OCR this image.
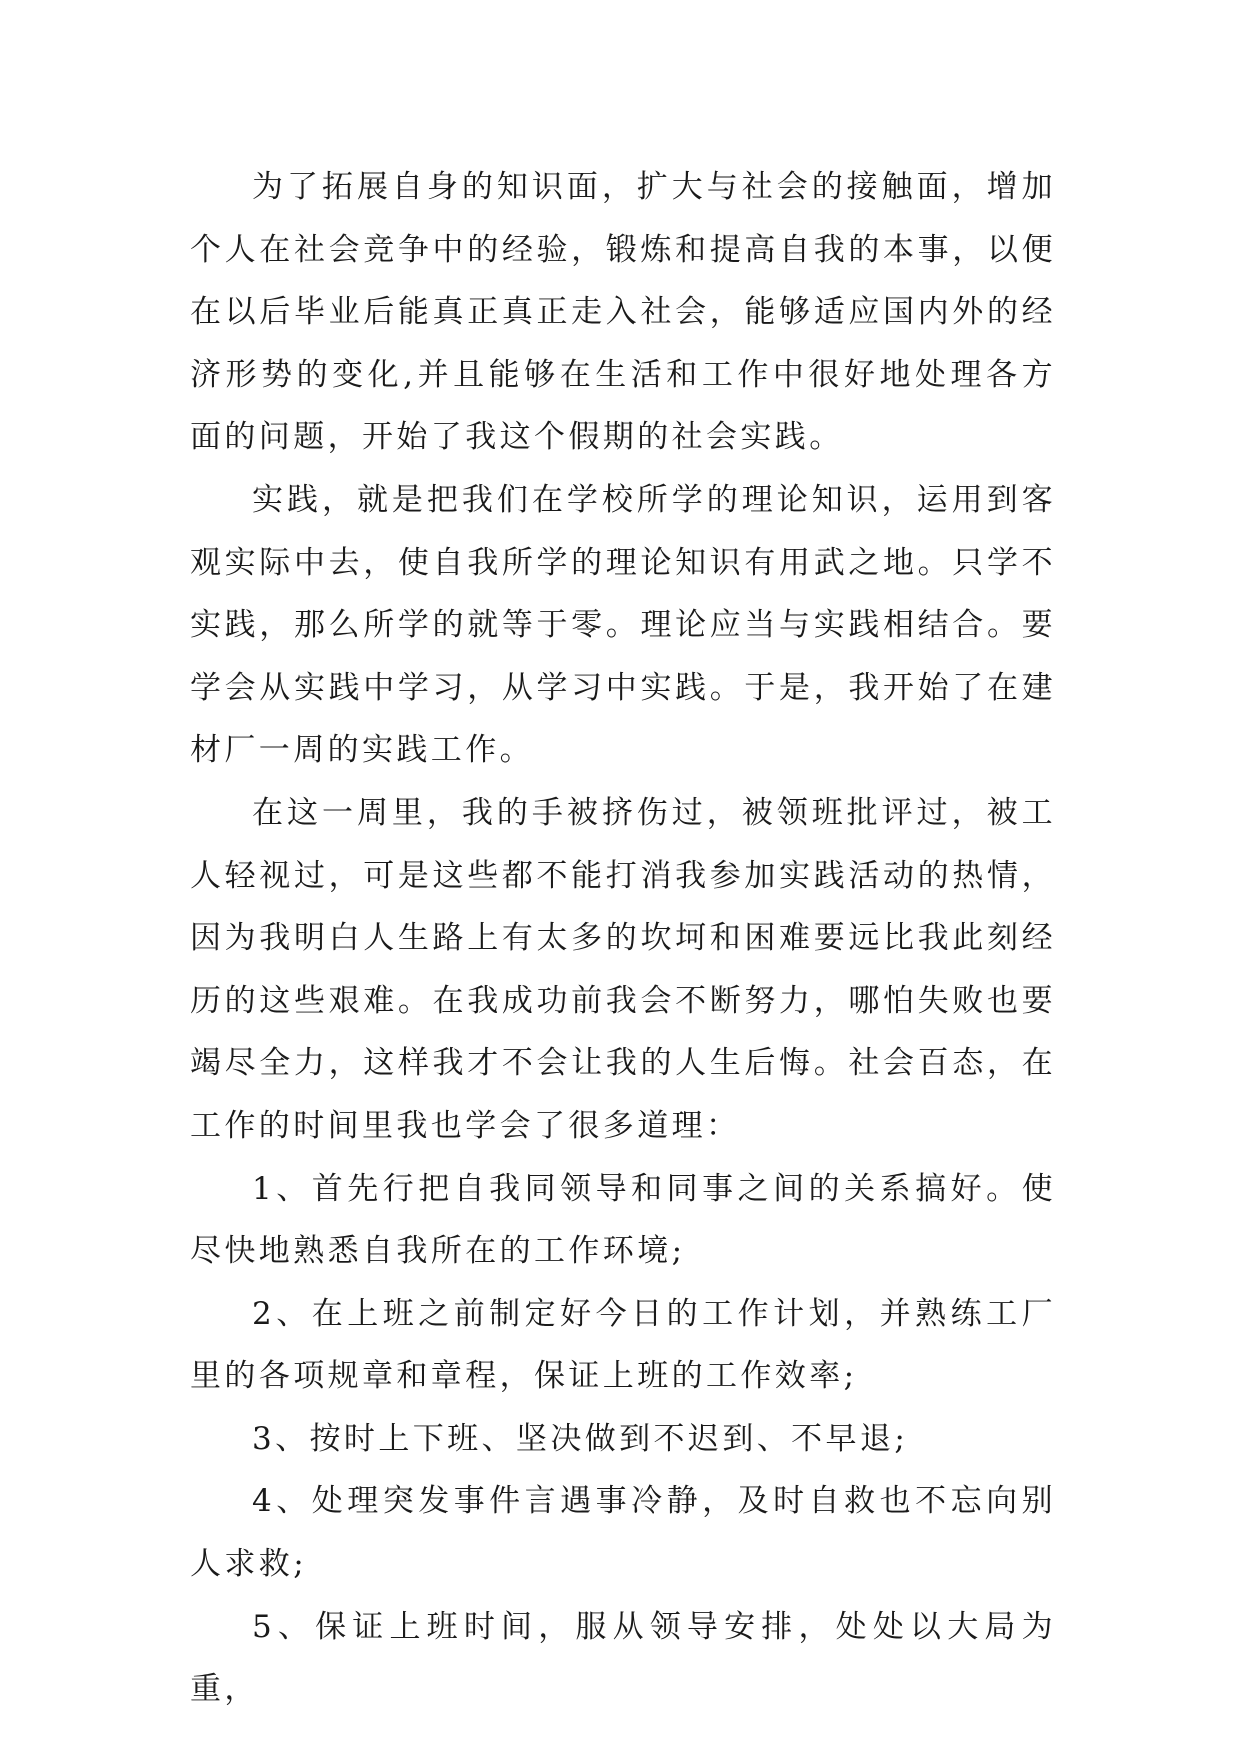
为了拓展自身的知识面，扩大与社会的接触面，增加个人在社会竞争中的经验，锻炼和提高自我的本事，以便在以后毕业后能真正真正走入社会，能够适应国内外的经济形势的变化,并且能够在生活和工作中很好地处理各方面的问题，开始了我这个假期的社会实践。

实践，就是把我们在学校所学的理论知识，运用到客观实际中去，使自我所学的理论知识有用武之地。只学不实践，那么所学的就等于零。理论应当与实践相结合。要学会从实践中学习，从学习中实践。于是，我开始了在建材厂一周的实践工作。

在这一周里，我的手被挤伤过，被领班批评过，被工人轻视过，可是这些都不能打消我参加实践活动的热情，因为我明白人生路上有太多的坎坷和困难要远比我此刻经历的这些艰难。在我成功前我会不断努力，哪怕失败也要竭尽全力，这样我才不会让我的人生后悔。社会百态，在工作的时间里我也学会了很多道理：

1、首先行把自我同领导和同事之间的关系搞好。使尽快地熟悉自我所在的工作环境;

2、在上班之前制定好今日的工作计划，并熟练工厂里的各项规章和章程，保证上班的工作效率;

3、按时上下班、坚决做到不迟到、不早退;

4、处理突发事件言遇事冷静，及时自救也不忘向别人求救;

5、保证上班时间，服从领导安排，处处以大局为重，
